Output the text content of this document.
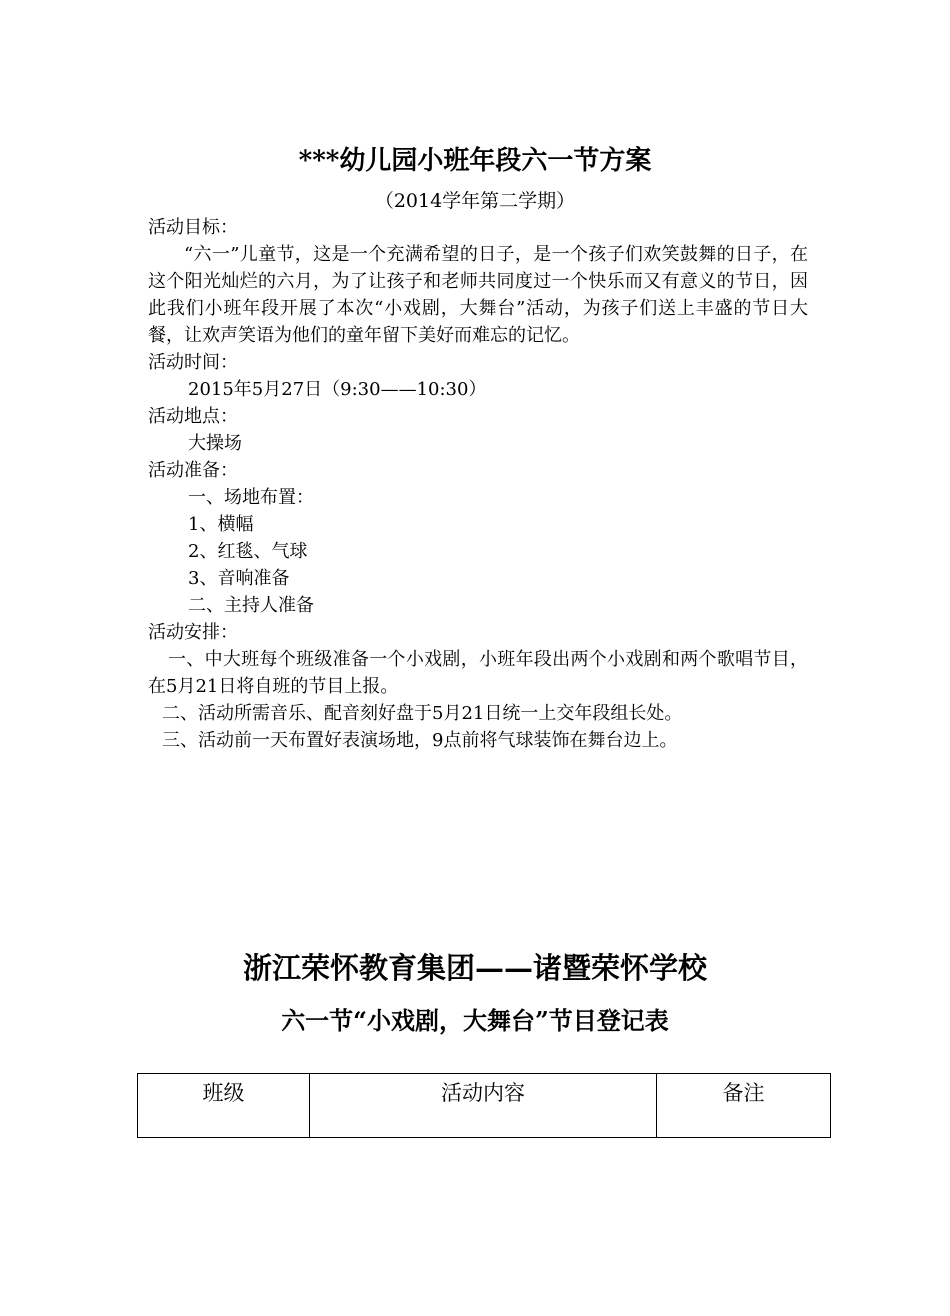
***幼儿园小班年段六一节方案
（2014学年第二学期）
活动目标：
“六一”儿童节，这是一个充满希望的日子，是一个孩子们欢笑鼓舞的日子，在这个阳光灿烂的六月，为了让孩子和老师共同度过一个快乐而又有意义的节日，因此我们小班年段开展了本次“小戏剧，大舞台”活动，为孩子们送上丰盛的节日大餐，让欢声笑语为他们的童年留下美好而难忘的记忆。
活动时间：
2015年5月27日（9:30——10:30）
活动地点：
大操场
活动准备：
一、场地布置：
1、横幅
2、红毯、气球
3、音响准备
二、主持人准备
活动安排：
一、中大班每个班级准备一个小戏剧，小班年段出两个小戏剧和两个歌唱节目，在5月21日将自班的节目上报。
二、活动所需音乐、配音刻好盘于5月21日统一上交年段组长处。
三、活动前一天布置好表演场地，9点前将气球装饰在舞台边上。
浙江荣怀教育集团——诸暨荣怀学校
六一节“小戏剧，大舞台”节目登记表
班级	活动内容	备注
